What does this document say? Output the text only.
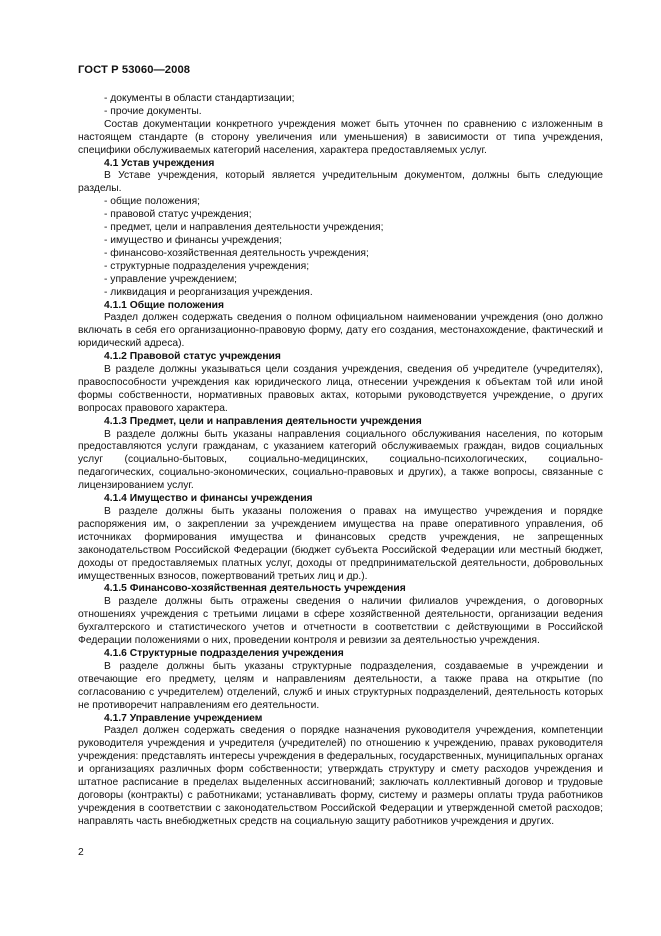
ГОСТ Р 53060—2008
- документы в области стандартизации;
- прочие документы.

Состав документации конкретного учреждения может быть уточнен по сравнению с изложенным в настоящем стандарте (в сторону увеличения или уменьшения) в зависимости от типа учреждения, специфики обслуживаемых категорий населения, характера предоставляемых услуг.

4.1 Устав учреждения

В Уставе учреждения, который является учредительным документом, должны быть следующие разделы.

- общие положения;
- правовой статус учреждения;
- предмет, цели и направления деятельности учреждения;
- имущество и финансы учреждения;
- финансово-хозяйственная деятельность учреждения;
- структурные подразделения учреждения;
- управление учреждением;
- ликвидация и реорганизация учреждения.
4.1.1 Общие положения

Раздел должен содержать сведения о полном официальном наименовании учреждения (оно должно включать в себя его организационно-правовую форму, дату его создания, местонахождение, фактический и юридический адреса).

4.1.2 Правовой статус учреждения

В разделе должны указываться цели создания учреждения, сведения об учредителе (учредителях), правоспособности учреждения как юридического лица, отнесении учреждения к объектам той или иной формы собственности, нормативных правовых актах, которыми руководствуется учреждение, о других вопросах правового характера.

4.1.3 Предмет, цели и направления деятельности учреждения

В разделе должны быть указаны направления социального обслуживания населения, по которым предоставляются услуги гражданам, с указанием категорий обслуживаемых граждан, видов социальных услуг (социально-бытовых, социально-медицинских, социально-психологических, социально-педагогических, социально-экономических, социально-правовых и других), а также вопросы, связанные с лицензированием услуг.

4.1.4 Имущество и финансы учреждения

В разделе должны быть указаны положения о правах на имущество учреждения и порядке распоряжения им, о закреплении за учреждением имущества на праве оперативного управления, об источниках формирования имущества и финансовых средств учреждения, не запрещенных законодательством Российской Федерации (бюджет субъекта Российской Федерации или местный бюджет, доходы от предоставляемых платных услуг, доходы от предпринимательской деятельности, добровольных имущественных взносов, пожертвований третьих лиц и др.).

4.1.5 Финансово-хозяйственная деятельность учреждения

В разделе должны быть отражены сведения о наличии филиалов учреждения, о договорных отношениях учреждения с третьими лицами в сфере хозяйственной деятельности, организации ведения бухгалтерского и статистического учетов и отчетности в соответствии с действующими в Российской Федерации положениями о них, проведении контроля и ревизии за деятельностью учреждения.

4.1.6 Структурные подразделения учреждения

В разделе должны быть указаны структурные подразделения, создаваемые в учреждении и отвечающие его предмету, целям и направлениям деятельности, а также права на открытие (по согласованию с учредителем) отделений, служб и иных структурных подразделений, деятельность которых не противоречит направлениям его деятельности.

4.1.7 Управление учреждением

Раздел должен содержать сведения о порядке назначения руководителя учреждения, компетенции руководителя учреждения и учредителя (учредителей) по отношению к учреждению, правах руководителя учреждения: представлять интересы учреждения в федеральных, государственных, муниципальных органах и организациях различных форм собственности; утверждать структуру и смету расходов учреждения и штатное расписание в пределах выделенных ассигнований; заключать коллективный договор и трудовые договоры (контракты) с работниками; устанавливать форму, систему и размеры оплаты труда работников учреждения в соответствии с законодательством Российской Федерации и утвержденной сметой расходов; направлять часть внебюджетных средств на социальную защиту работников учреждения и других.

2
